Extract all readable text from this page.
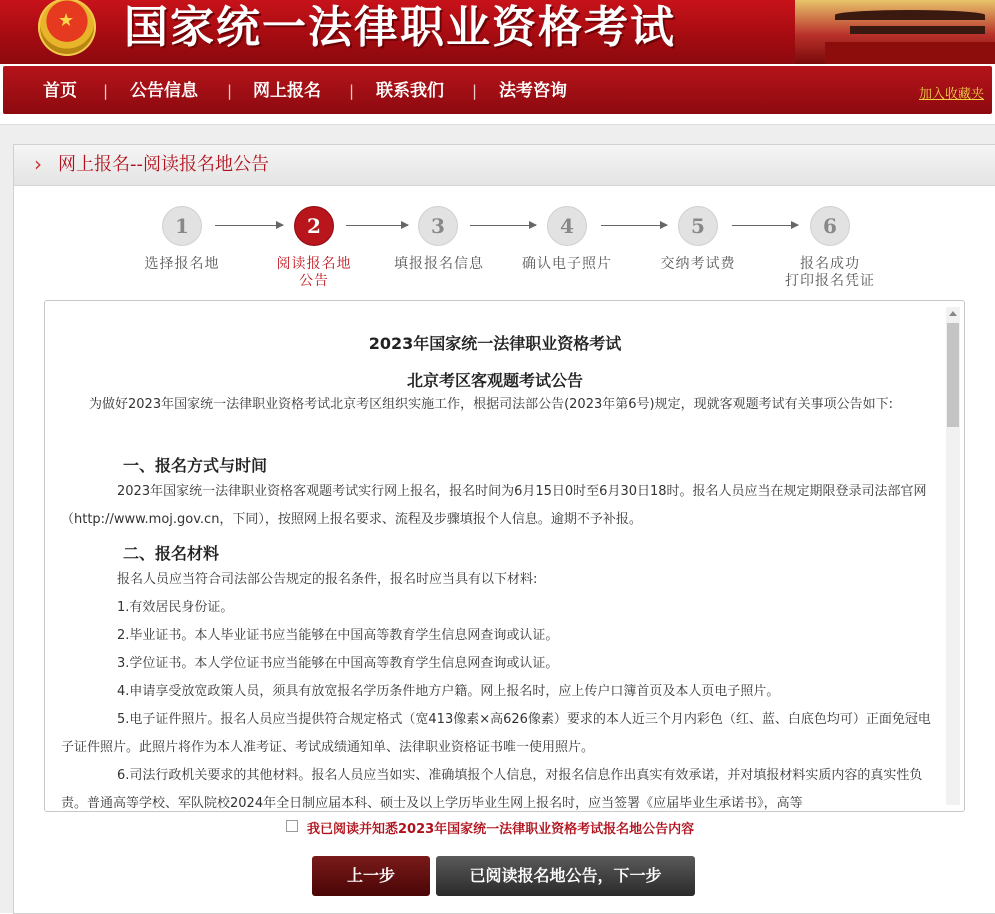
★ 国家统一法律职业资格考试
首页 | 公告信息 | 网上报名 | 联系我们 | 法考咨询	加入收藏夹
› 网上报名--阅读报名地公告
1	2	3	4	5	6
选择报名地	阅读报名地
公告
填报报名信息	确认电子照片	交纳考试费	报名成功
打印报名凭证
2023年国家统一法律职业资格考试
北京考区客观题考试公告
为做好2023年国家统一法律职业资格考试北京考区组织实施工作，根据司法部公告(2023年第6号)规定，现就客观题考试有关事项公告如下:
一、报名方式与时间
2023年国家统一法律职业资格客观题考试实行网上报名，报名时间为6月15日0时至6月30日18时。报名人员应当在规定期限登录司法部官网（http://www.moj.gov.cn，下同），按照网上报名要求、流程及步骤填报个人信息。逾期不予补报。
二、报名材料
报名人员应当符合司法部公告规定的报名条件，报名时应当具有以下材料:
1.有效居民身份证。
2.毕业证书。本人毕业证书应当能够在中国高等教育学生信息网查询或认证。
3.学位证书。本人学位证书应当能够在中国高等教育学生信息网查询或认证。
4.申请享受放宽政策人员，须具有放宽报名学历条件地方户籍。网上报名时，应上传户口簿首页及本人页电子照片。
5.电子证件照片。报名人员应当提供符合规定格式（宽413像素×高626像素）要求的本人近三个月内彩色（红、蓝、白底色均可）正面免冠电子证件照片。此照片将作为本人准考证、考试成绩通知单、法律职业资格证书唯一使用照片。
6.司法行政机关要求的其他材料。报名人员应当如实、准确填报个人信息，对报名信息作出真实有效承诺，并对填报材料实质内容的真实性负责。普通高等学校、军队院校2024年全日制应届本科、硕士及以上学历毕业生网上报名时，应当签署《应届毕业生承诺书》，高等
我已阅读并知悉2023年国家统一法律职业资格考试报名地公告内容
上一步	已阅读报名地公告，下一步
